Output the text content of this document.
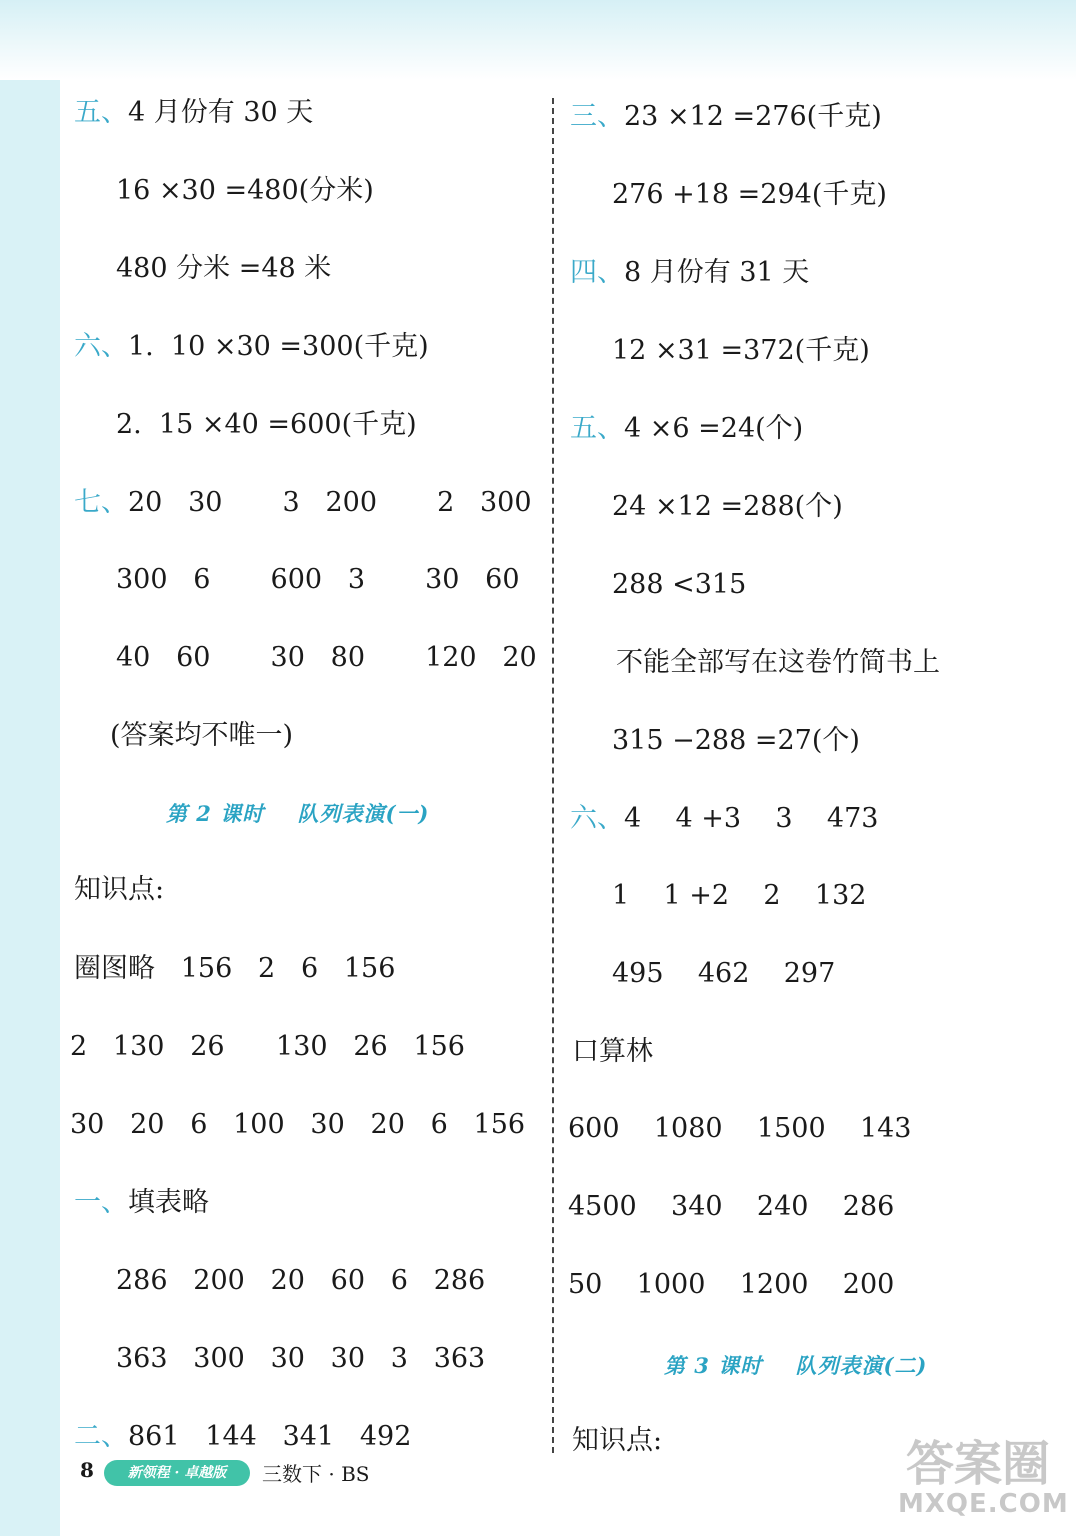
五、4 月份有 30 天
16 ×30 =480(分米)
480 分米 =48 米
六、1.  10 ×30 =300(千克)
2.  15 ×40 =600(千克)
七、20   30       3   200       2   300
300   6       600   3       30   60
40   60       30   80       120   20
(答案均不唯一)
第 2 课时    队列表演(一)
知识点:
圈图略   156   2   6   156
2   130   26      130   26   156
30   20   6   100   30   20   6   156
一、填表略
286   200   20   60   6   286
363   300   30   30   3   363
二、861   144   341   492
三、23 ×12 =276(千克)
276 +18 =294(千克)
四、8 月份有 31 天
12 ×31 =372(千克)
五、4 ×6 =24(个)
24 ×12 =288(个)
288 <315
不能全部写在这卷竹简书上
315 −288 =27(个)
六、4    4 +3    3    473
1    1 +2    2    132
495    462    297
口算林
600    1080    1500    143
4500    340    240    286
50    1000    1200    200
第 3 课时    队列表演(二)
知识点:
8	新领程 · 卓越版	三数下 · BS	答案圈
MXQE.COM
